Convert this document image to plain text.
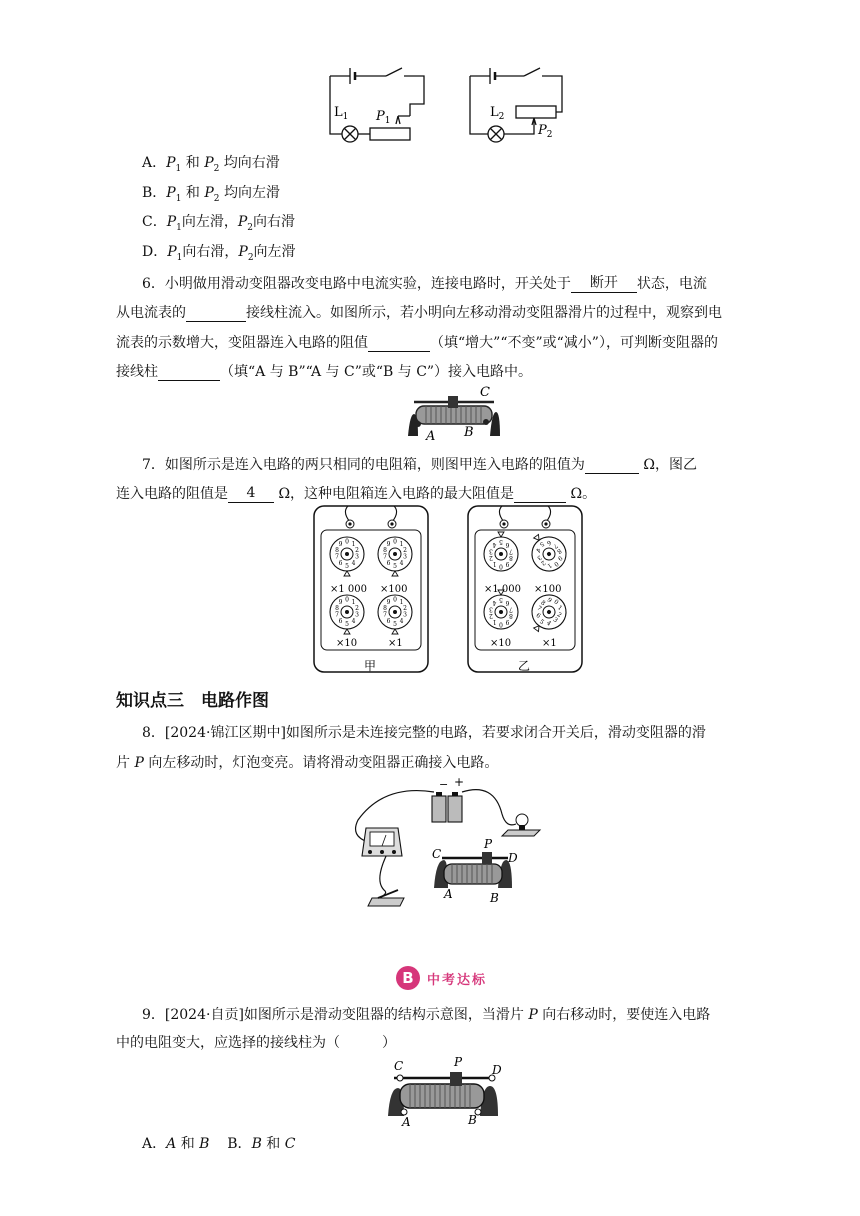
$L_1$ $P_1$
$L_2$
$P_2$
A．$P_1$ 和 $P_2$ 均向右滑
B．$P_1$ 和 $P_2$ 均向左滑
C．$P_1$向左滑，$P_2$向右滑
D．$P_1$向右滑，$P_2$向左滑
6．小明做用滑动变阻器改变电路中电流实验，连接电路时，开关处于 断开 状态，电流
从电流表的	接线柱流入。如图所示，若小明向左移动滑动变阻器滑片的过程中，观察到电
流表的示数增大，变阻器连入电路的阻值	（填“增大”“不变”或“减小”），可判断变阻器的
接线柱	（填“A 与 B”“A 与 C”或“B 与 C”）接入电路中。
C
A B
7．如图所示是连入电路的两只相同的电阻箱，则图甲连入电路的阻值为	Ω，图乙
连入电路的阻值是 4 Ω，这种电阻箱连入电路的最大阻值是	Ω。
×1 000 ×100
×10	×1
甲
×1 000 ×100
×10	×1
乙
知识点三　电路作图
8．[2024·锦江区期中]如图所示是未连接完整的电路，若要求闭合开关后，滑动变阻器的滑
片 P 向左移动时，灯泡变亮。请将滑动变阻器正确接入电路。
− +
C
P
D
A	B
B	中考达标
9．[2024·自贡]如图所示是滑动变阻器的结构示意图，当滑片 P 向右移动时，要使连入电路
中的电阻变大，应选择的接线柱为（　　　）
C	P
D
A	B
A．A 和 B B．B 和 C
